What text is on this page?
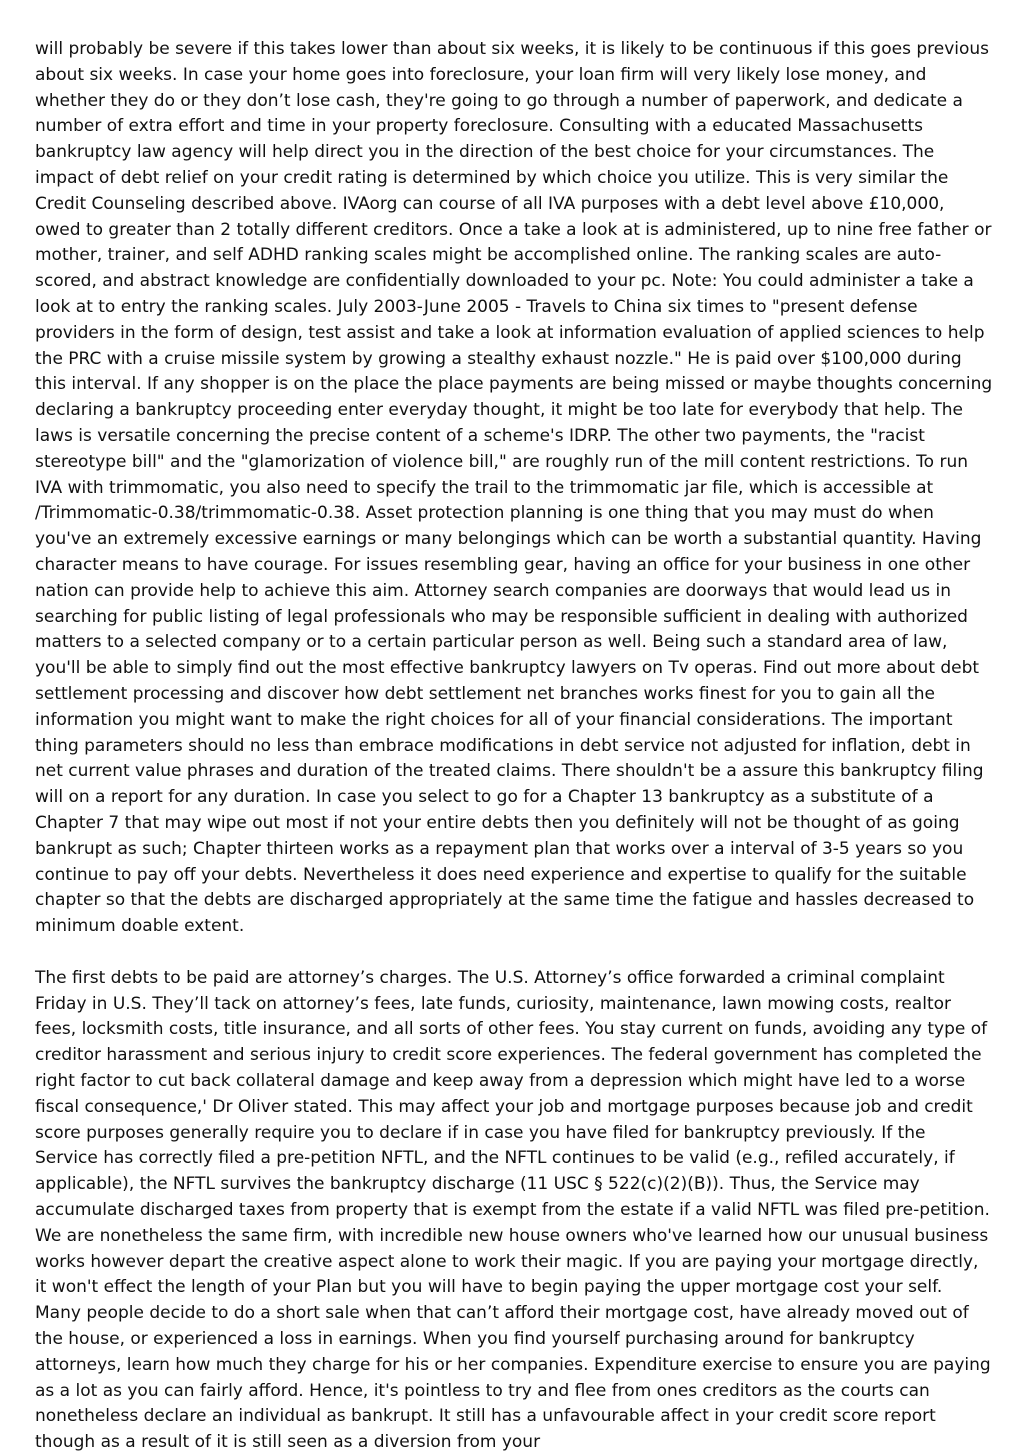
will probably be severe if this takes lower than about six weeks, it is likely to be continuous if this goes previous about six weeks. In case your home goes into foreclosure, your loan firm will very likely lose money, and whether they do or they don’t lose cash, they're going to go through a number of paperwork, and dedicate a number of extra effort and time in your property foreclosure. Consulting with a educated Massachusetts bankruptcy law agency will help direct you in the direction of the best choice for your circumstances. The impact of debt relief on your credit rating is determined by which choice you utilize. This is very similar the Credit Counseling described above. IVAorg can course of all IVA purposes with a debt level above £10,000, owed to greater than 2 totally different creditors. Once a take a look at is administered, up to nine free father or mother, trainer, and self ADHD ranking scales might be accomplished online. The ranking scales are auto-scored, and abstract knowledge are confidentially downloaded to your pc. Note: You could administer a take a look at to entry the ranking scales. July 2003-June 2005 - Travels to China six times to "present defense providers in the form of design, test assist and take a look at information evaluation of applied sciences to help the PRC with a cruise missile system by growing a stealthy exhaust nozzle." He is paid over $100,000 during this interval. If any shopper is on the place the place payments are being missed or maybe thoughts concerning declaring a bankruptcy proceeding enter everyday thought, it might be too late for everybody that help. The laws is versatile concerning the precise content of a scheme's IDRP. The other two payments, the "racist stereotype bill" and the "glamorization of violence bill," are roughly run of the mill content restrictions. To run IVA with trimmomatic, you also need to specify the trail to the trimmomatic jar file, which is accessible at /Trimmomatic-0.38/trimmomatic-0.38. Asset protection planning is one thing that you may must do when you've an extremely excessive earnings or many belongings which can be worth a substantial quantity. Having character means to have courage. For issues resembling gear, having an office for your business in one other nation can provide help to achieve this aim. Attorney search companies are doorways that would lead us in searching for public listing of legal professionals who may be responsible sufficient in dealing with authorized matters to a selected company or to a certain particular person as well. Being such a standard area of law, you'll be able to simply find out the most effective bankruptcy lawyers on Tv operas. Find out more about debt settlement processing and discover how debt settlement net branches works finest for you to gain all the information you might want to make the right choices for all of your financial considerations. The important thing parameters should no less than embrace modifications in debt service not adjusted for inflation, debt in net current value phrases and duration of the treated claims. There shouldn't be a assure this bankruptcy filing will on a report for any duration. In case you select to go for a Chapter 13 bankruptcy as a substitute of a Chapter 7 that may wipe out most if not your entire debts then you definitely will not be thought of as going bankrupt as such; Chapter thirteen works as a repayment plan that works over a interval of 3-5 years so you continue to pay off your debts. Nevertheless it does need experience and expertise to qualify for the suitable chapter so that the debts are discharged appropriately at the same time the fatigue and hassles decreased to minimum doable extent.

The first debts to be paid are attorney’s charges. The U.S. Attorney’s office forwarded a criminal complaint Friday in U.S. They’ll tack on attorney’s fees, late funds, curiosity, maintenance, lawn mowing costs, realtor fees, locksmith costs, title insurance, and all sorts of other fees. You stay current on funds, avoiding any type of creditor harassment and serious injury to credit score experiences. The federal government has completed the right factor to cut back collateral damage and keep away from a depression which might have led to a worse fiscal consequence,' Dr Oliver stated. This may affect your job and mortgage purposes because job and credit score purposes generally require you to declare if in case you have filed for bankruptcy previously. If the Service has correctly filed a pre-petition NFTL, and the NFTL continues to be valid (e.g., refiled accurately, if applicable), the NFTL survives the bankruptcy discharge (11 USC § 522(c)(2)(B)). Thus, the Service may accumulate discharged taxes from property that is exempt from the estate if a valid NFTL was filed pre-petition. We are nonetheless the same firm, with incredible new house owners who've learned how our unusual business works however depart the creative aspect alone to work their magic. If you are paying your mortgage directly, it won't effect the length of your Plan but you will have to begin paying the upper mortgage cost your self. Many people decide to do a short sale when that can’t afford their mortgage cost, have already moved out of the house, or experienced a loss in earnings. When you find yourself purchasing around for bankruptcy attorneys, learn how much they charge for his or her companies. Expenditure exercise to ensure you are paying as a lot as you can fairly afford. Hence, it's pointless to try and flee from ones creditors as the courts can nonetheless declare an individual as bankrupt. It still has a unfavourable affect in your credit score report though as a result of it is still seen as a diversion from your
